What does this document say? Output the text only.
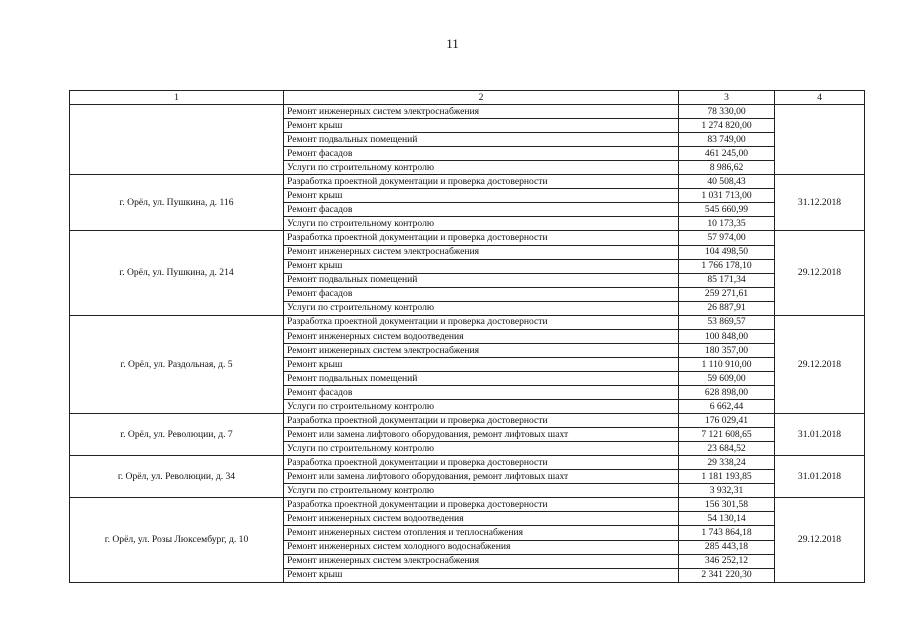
11
1	2	3	4
	Ремонт инженерных систем электроснабжения	78 330,00	
	Ремонт крыш	1 274 820,00	
	Ремонт подвальных помещений	83 749,00	
	Ремонт фасадов	461 245,00	
	Услуги по строительному контролю	8 986,62	
г. Орёл, ул. Пушкина, д. 116	Разработка проектной документации и проверка достоверности	40 508,43	31.12.2018
	Ремонт крыш	1 031 713,00	
	Ремонт фасадов	545 660,99	
	Услуги по строительному контролю	10 173,35	
г. Орёл, ул. Пушкина, д. 214	Разработка проектной документации и проверка достоверности	57 974,00	29.12.2018
	Ремонт инженерных систем электроснабжения	104 498,50	
	Ремонт крыш	1 766 178,10	
	Ремонт подвальных помещений	85 171,34	
	Ремонт фасадов	259 271,61	
	Услуги по строительному контролю	26 887,91	
г. Орёл, ул. Раздольная, д. 5	Разработка проектной документации и проверка достоверности	53 869,57	29.12.2018
	Ремонт инженерных систем водоотведения	100 848,00	
	Ремонт инженерных систем электроснабжения	180 357,00	
	Ремонт крыш	1 110 910,00	
	Ремонт подвальных помещений	59 609,00	
	Ремонт фасадов	628 898,00	
	Услуги по строительному контролю	6 662,44	
г. Орёл, ул. Революции, д. 7	Разработка проектной документации и проверка достоверности	176 029,41	31.01.2018
	Ремонт или замена лифтового оборудования, ремонт лифтовых шахт	7 121 608,65	
	Услуги по строительному контролю	23 684,52	
г. Орёл, ул. Революции, д. 34	Разработка проектной документации и проверка достоверности	29 338,24	31.01.2018
	Ремонт или замена лифтового оборудования, ремонт лифтовых шахт	1 181 193,85	
	Услуги по строительному контролю	3 932,31	
г. Орёл, ул. Розы Люксембург, д. 10	Разработка проектной документации и проверка достоверности	156 301,58	29.12.2018
	Ремонт инженерных систем водоотведения	54 130,14	
	Ремонт инженерных систем отопления и теплоснабжения	1 743 864,18	
	Ремонт инженерных систем холодного водоснабжения	285 443,18	
	Ремонт инженерных систем электроснабжения	346 252,12	
	Ремонт крыш	2 341 220,30	
